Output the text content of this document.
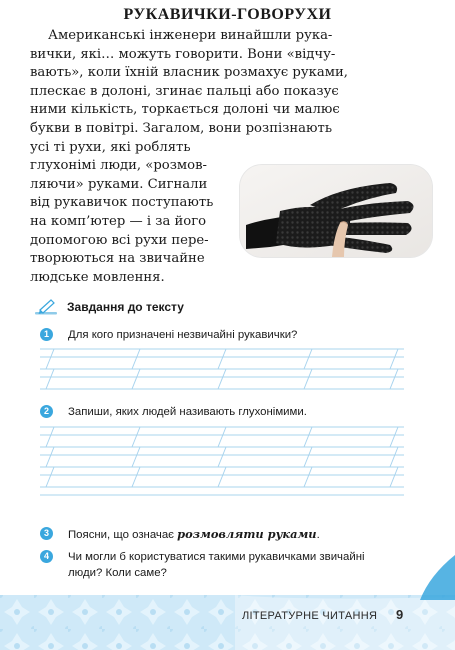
РУКАВИЧКИ-ГОВОРУХИ
Американські інженери винайшли рука-
вички, які… можуть говорити. Вони «відчу-
вають», коли їхній власник розмахує руками,
плескає в долоні, згинає пальці або показує
ними кількість, торкається долоні чи малює
букви в повітрі. Загалом, вони розпізнають
усі ті рухи, які роблять
глухонімі люди, «розмов-
ляючи» руками. Сигнали
від рукавичок поступають
на комп’ютер — і за його
допомогою всі рухи пере-
творюються на звичайне
людське мовлення.
Завдання до тексту
1	Для кого призначені незвичайні рукавички?
2	Запиши, яких людей називають глухонімими.
3	Поясни, що означає розмовляти руками.
4	Чи могли б користуватися такими рукавичками звичайні люди? Коли саме?
ЛІТЕРАТУРНЕ ЧИТАННЯ 9
